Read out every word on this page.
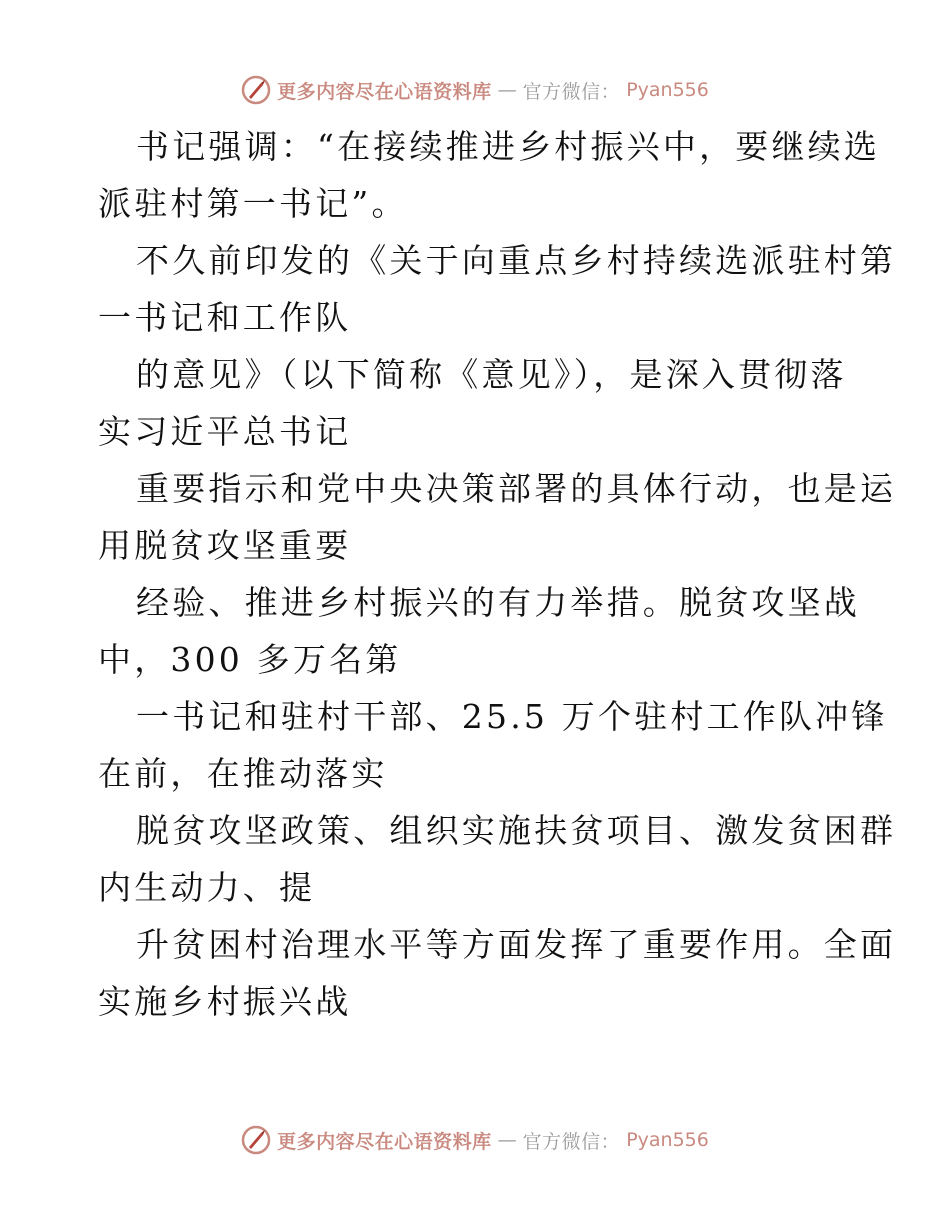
更多内容尽在心语资料库 — 官方微信： Pyan556
书记强调：“在接续推进乡村振兴中，要继续选
派驻村第一书记”。
不久前印发的《关于向重点乡村持续选派驻村第
一书记和工作队
的意见》（以下简称《意见》），是深入贯彻落
实习近平总书记
重要指示和党中央决策部署的具体行动，也是运
用脱贫攻坚重要
经验、推进乡村振兴的有力举措。脱贫攻坚战
中，300 多万名第
一书记和驻村干部、25.5 万个驻村工作队冲锋
在前，在推动落实
脱贫攻坚政策、组织实施扶贫项目、激发贫困群
内生动力、提
升贫困村治理水平等方面发挥了重要作用。全面
实施乡村振兴战
更多内容尽在心语资料库 — 官方微信： Pyan556
